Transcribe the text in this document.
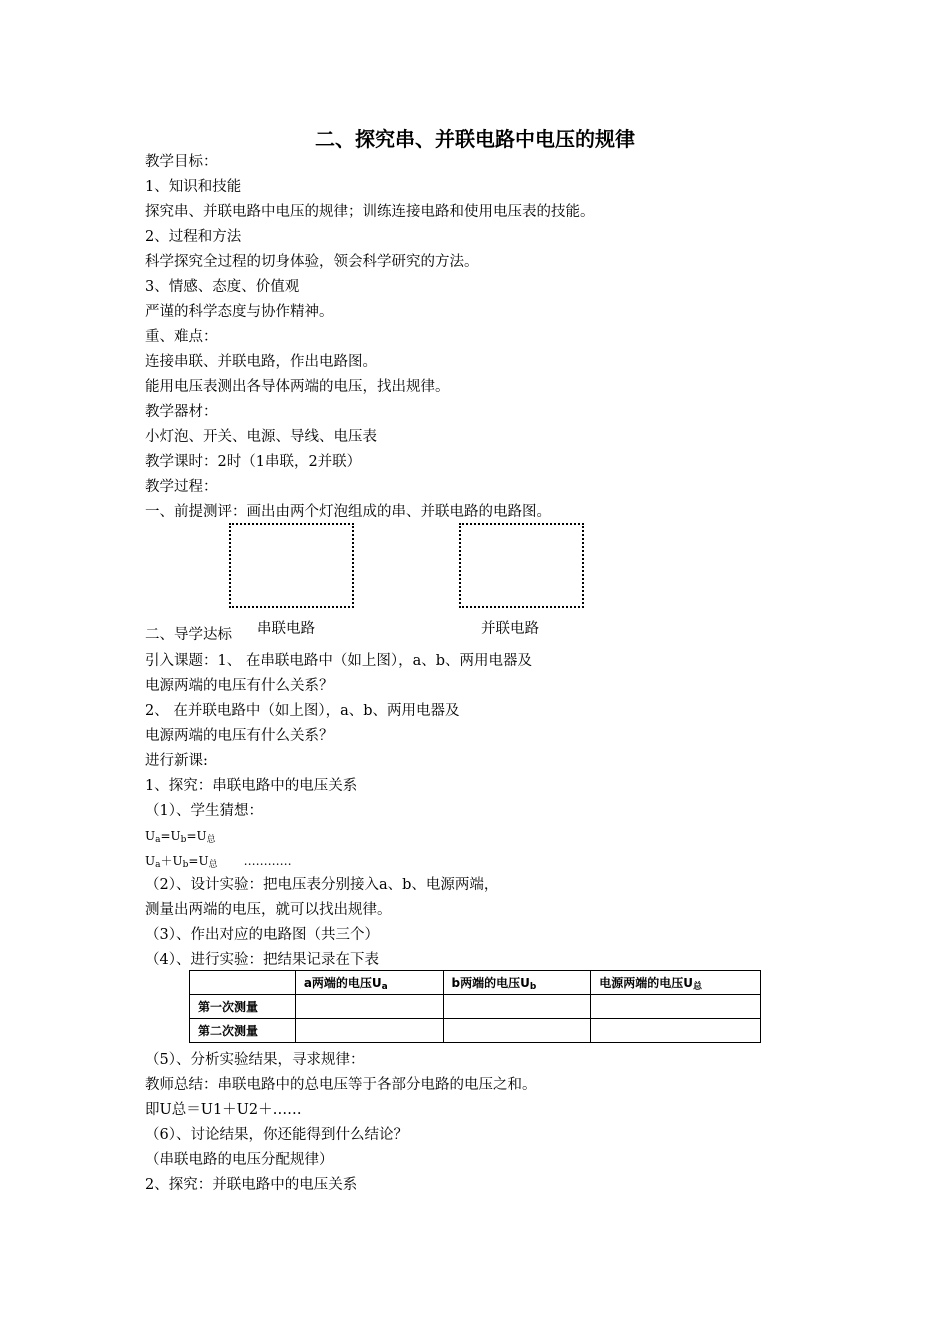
二、探究串、并联电路中电压的规律
教学目标：
1、知识和技能
探究串、并联电路中电压的规律；训练连接电路和使用电压表的技能。
2、过程和方法
科学探究全过程的切身体验，领会科学研究的方法。
3、情感、态度、价值观
严谨的科学态度与协作精神。
重、难点：
连接串联、并联电路，作出电路图。
能用电压表测出各导体两端的电压，找出规律。
教学器材：
小灯泡、开关、电源、导线、电压表
教学课时：2时（1串联，2并联）
教学过程：
一、前提测评：画出由两个灯泡组成的串、并联电路的电路图。
串联电路	并联电路
二、导学达标
引入课题：1、 在串联电路中（如上图），a、b、两用电器及
电源两端的电压有什么关系？
2、 在并联电路中（如上图），a、b、两用电器及
电源两端的电压有什么关系？
进行新课:
1、探究：串联电路中的电压关系
（1）、学生猜想：
Ua=Ub=U总
Ua＋Ub=U总 …………
（2）、设计实验：把电压表分别接入a、b、电源两端，
测量出两端的电压，就可以找出规律。
（3）、作出对应的电路图（共三个）
（4）、进行实验：把结果记录在下表
	a两端的电压Ua	b两端的电压Ub	电源两端的电压U总
第一次测量			
第二次测量			
（5）、分析实验结果，寻求规律：
教师总结：串联电路中的总电压等于各部分电路的电压之和。
即U总＝U1＋U2＋……
（6）、讨论结果，你还能得到什么结论？
（串联电路的电压分配规律）
2、探究：并联电路中的电压关系
